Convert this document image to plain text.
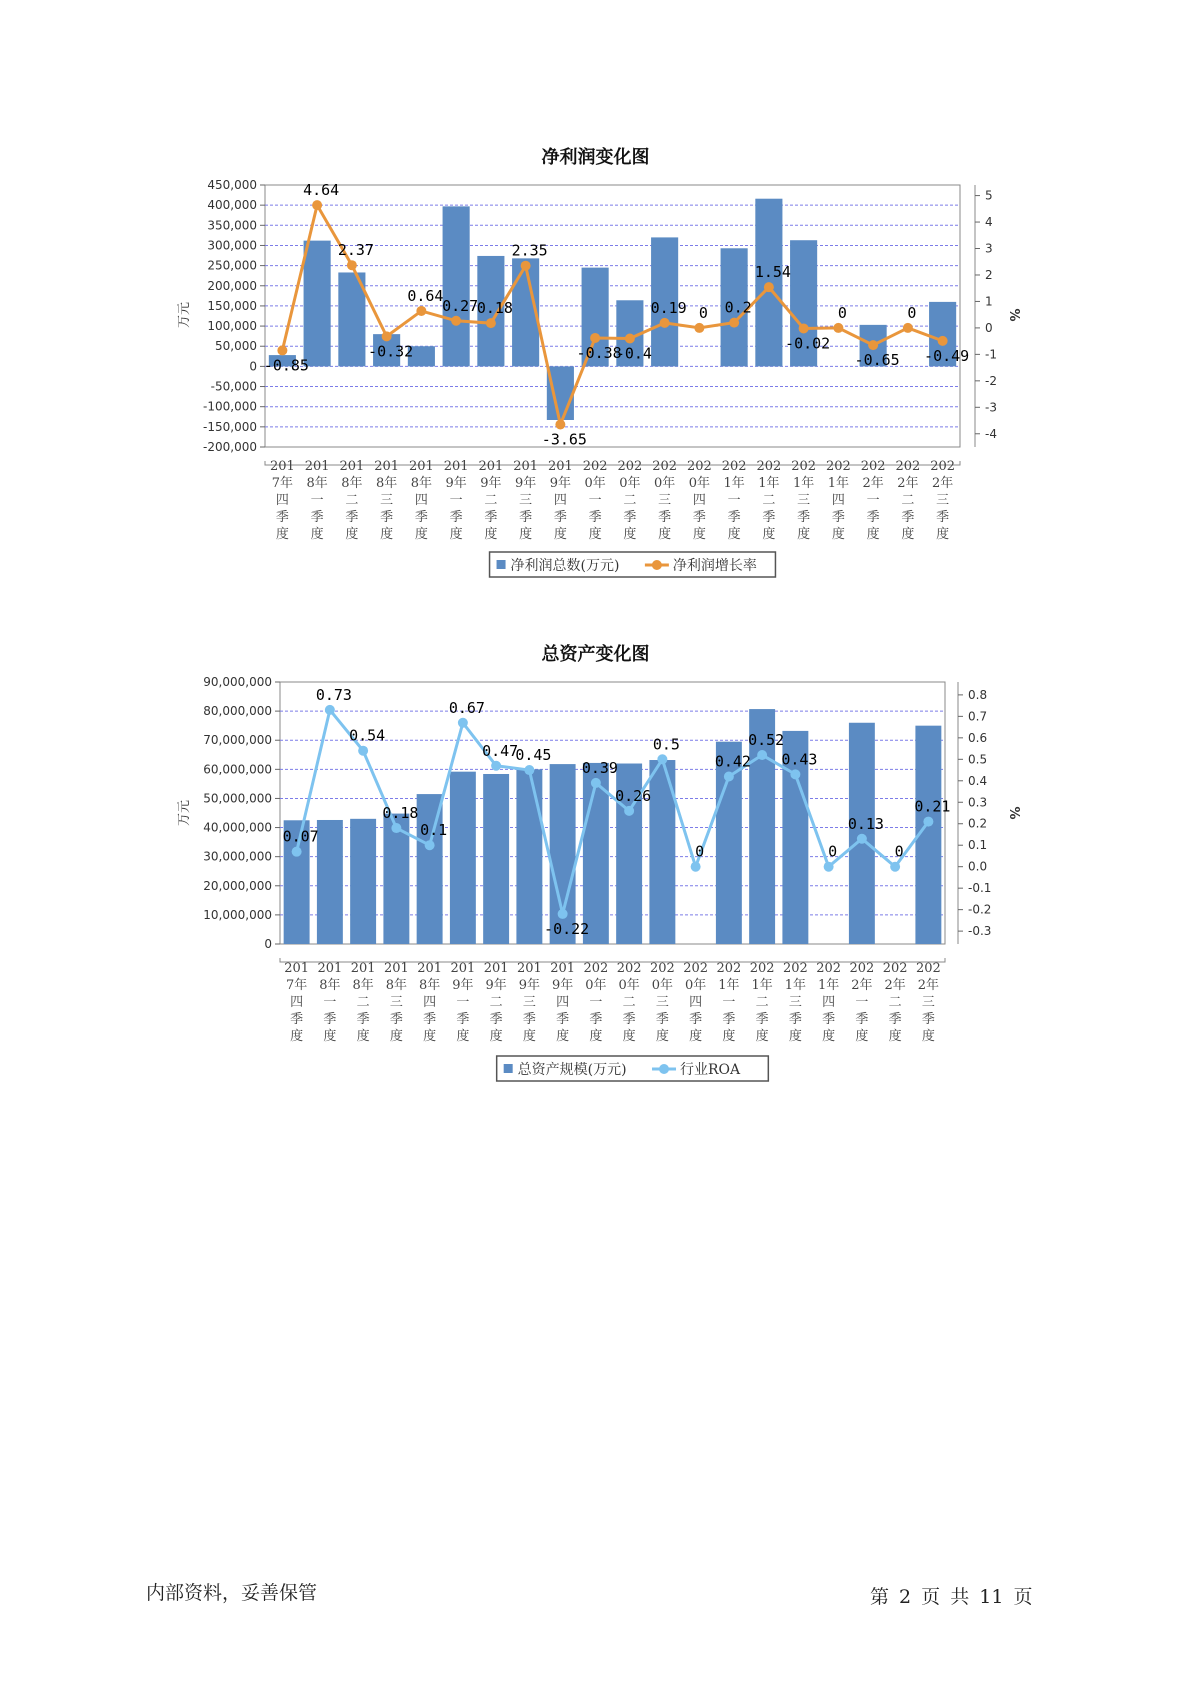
净利润变化图
450,000
400,000
350,000
300,000
250,000
200,000
150,000
100,000
50,000
0
-50,000
-100,000
-150,000
-200,000
5
4
3
2
1
0
-1
-2
-3
-4
万元	%
201 7年四季度
201 8年一季度
201 8年二季度
201 8年三季度
201 8年四季度
201 9年一季度
201 9年二季度
201 9年三季度
201 9年四季度
202 0年一季度
202 0年二季度
202 0年三季度
202 0年四季度
202 1年一季度
202 1年二季度
202 1年三季度
202 1年四季度
202 2年一季度
202 2年二季度
202 2年三季度
-0.85
4.64
2.37
-0.32
0.64
0.27
0.18
2.35
-3.65
-0.38
-0.4
0.19 0 0.2
1.54
-0.02
0
-0.65
0
-0.49
净利润总数(万元)	净利润增长率
总资产变化图
90,000,000
80,000,000
70,000,000
60,000,000
50,000,000
40,000,000
30,000,000
20,000,000
10,000,000
0
0.8
0.7
0.6
0.5
0.4
0.3
0.2
0.1
0.0
-0.1
-0.2
-0.3
万元	%
201 7年四季度
201 8年一季度
201 8年二季度
201 8年三季度
201 8年四季度
201 9年一季度
201 9年二季度
201 9年三季度
201 9年四季度
202 0年一季度
202 0年二季度
202 0年三季度
202 0年四季度
202 1年一季度
202 1年二季度
202 1年三季度
202 1年四季度
202 2年一季度
202 2年二季度
202 2年三季度
0.07
0.73
0.54
0.18
0.1
0.67
0.47
0.45
-0.22
0.39
0.26
0.5
0
0.42
0.52
0.43
0
0.13
0
0.21
总资产规模(万元)	行业ROA
内部资料，妥善保管	第 2 页 共 11 页
